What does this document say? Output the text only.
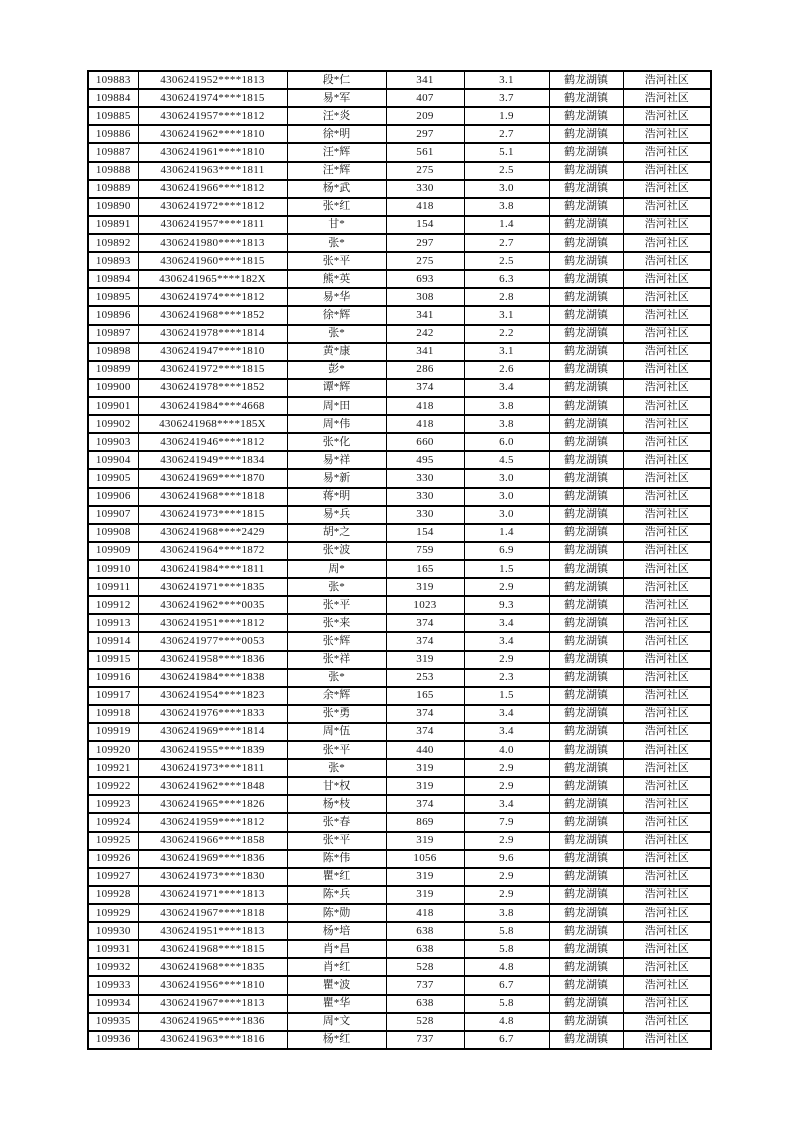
109883	4306241952****1813	段*仁	341	3.1	鹤龙湖镇	浩河社区
109884	4306241974****1815	易*军	407	3.7	鹤龙湖镇	浩河社区
109885	4306241957****1812	汪*炎	209	1.9	鹤龙湖镇	浩河社区
109886	4306241962****1810	徐*明	297	2.7	鹤龙湖镇	浩河社区
109887	4306241961****1810	汪*辉	561	5.1	鹤龙湖镇	浩河社区
109888	4306241963****1811	汪*辉	275	2.5	鹤龙湖镇	浩河社区
109889	4306241966****1812	杨*武	330	3.0	鹤龙湖镇	浩河社区
109890	4306241972****1812	张*红	418	3.8	鹤龙湖镇	浩河社区
109891	4306241957****1811	甘*	154	1.4	鹤龙湖镇	浩河社区
109892	4306241980****1813	张*	297	2.7	鹤龙湖镇	浩河社区
109893	4306241960****1815	张*平	275	2.5	鹤龙湖镇	浩河社区
109894	4306241965****182X	熊*英	693	6.3	鹤龙湖镇	浩河社区
109895	4306241974****1812	易*华	308	2.8	鹤龙湖镇	浩河社区
109896	4306241968****1852	徐*辉	341	3.1	鹤龙湖镇	浩河社区
109897	4306241978****1814	张*	242	2.2	鹤龙湖镇	浩河社区
109898	4306241947****1810	黄*康	341	3.1	鹤龙湖镇	浩河社区
109899	4306241972****1815	彭*	286	2.6	鹤龙湖镇	浩河社区
109900	4306241978****1852	谭*辉	374	3.4	鹤龙湖镇	浩河社区
109901	4306241984****4668	周*田	418	3.8	鹤龙湖镇	浩河社区
109902	4306241968****185X	周*伟	418	3.8	鹤龙湖镇	浩河社区
109903	4306241946****1812	张*化	660	6.0	鹤龙湖镇	浩河社区
109904	4306241949****1834	易*祥	495	4.5	鹤龙湖镇	浩河社区
109905	4306241969****1870	易*新	330	3.0	鹤龙湖镇	浩河社区
109906	4306241968****1818	蒋*明	330	3.0	鹤龙湖镇	浩河社区
109907	4306241973****1815	易*兵	330	3.0	鹤龙湖镇	浩河社区
109908	4306241968****2429	胡*之	154	1.4	鹤龙湖镇	浩河社区
109909	4306241964****1872	张*波	759	6.9	鹤龙湖镇	浩河社区
109910	4306241984****1811	周*	165	1.5	鹤龙湖镇	浩河社区
109911	4306241971****1835	张*	319	2.9	鹤龙湖镇	浩河社区
109912	4306241962****0035	张*平	1023	9.3	鹤龙湖镇	浩河社区
109913	4306241951****1812	张*来	374	3.4	鹤龙湖镇	浩河社区
109914	4306241977****0053	张*辉	374	3.4	鹤龙湖镇	浩河社区
109915	4306241958****1836	张*祥	319	2.9	鹤龙湖镇	浩河社区
109916	4306241984****1838	张*	253	2.3	鹤龙湖镇	浩河社区
109917	4306241954****1823	余*辉	165	1.5	鹤龙湖镇	浩河社区
109918	4306241976****1833	张*勇	374	3.4	鹤龙湖镇	浩河社区
109919	4306241969****1814	周*伍	374	3.4	鹤龙湖镇	浩河社区
109920	4306241955****1839	张*平	440	4.0	鹤龙湖镇	浩河社区
109921	4306241973****1811	张*	319	2.9	鹤龙湖镇	浩河社区
109922	4306241962****1848	甘*权	319	2.9	鹤龙湖镇	浩河社区
109923	4306241965****1826	杨*枝	374	3.4	鹤龙湖镇	浩河社区
109924	4306241959****1812	张*春	869	7.9	鹤龙湖镇	浩河社区
109925	4306241966****1858	张*平	319	2.9	鹤龙湖镇	浩河社区
109926	4306241969****1836	陈*伟	1056	9.6	鹤龙湖镇	浩河社区
109927	4306241973****1830	瞿*红	319	2.9	鹤龙湖镇	浩河社区
109928	4306241971****1813	陈*兵	319	2.9	鹤龙湖镇	浩河社区
109929	4306241967****1818	陈*勋	418	3.8	鹤龙湖镇	浩河社区
109930	4306241951****1813	杨*培	638	5.8	鹤龙湖镇	浩河社区
109931	4306241968****1815	肖*昌	638	5.8	鹤龙湖镇	浩河社区
109932	4306241968****1835	肖*红	528	4.8	鹤龙湖镇	浩河社区
109933	4306241956****1810	瞿*波	737	6.7	鹤龙湖镇	浩河社区
109934	4306241967****1813	瞿*华	638	5.8	鹤龙湖镇	浩河社区
109935	4306241965****1836	周*文	528	4.8	鹤龙湖镇	浩河社区
109936	4306241963****1816	杨*红	737	6.7	鹤龙湖镇	浩河社区
